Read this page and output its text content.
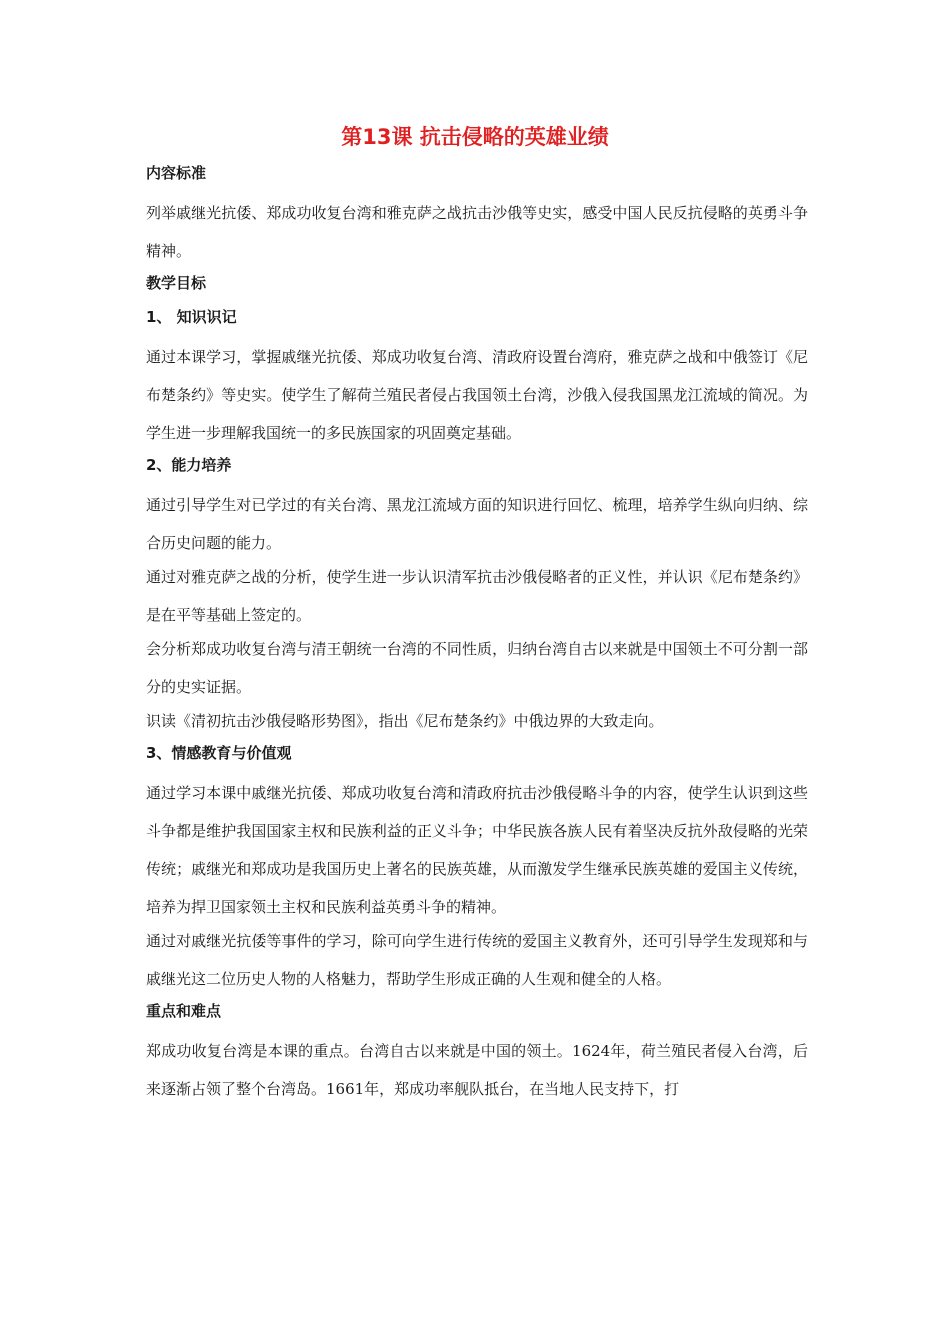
第13课 抗击侵略的英雄业绩
内容标准

列举戚继光抗倭、郑成功收复台湾和雅克萨之战抗击沙俄等史实，感受中国人民反抗侵略的英勇斗争精神。

教学目标
1、 知识识记

通过本课学习，掌握戚继光抗倭、郑成功收复台湾、清政府设置台湾府，雅克萨之战和中俄签订《尼布楚条约》等史实。使学生了解荷兰殖民者侵占我国领土台湾，沙俄入侵我国黑龙江流域的简况。为学生进一步理解我国统一的多民族国家的巩固奠定基础。

2、能力培养

通过引导学生对已学过的有关台湾、黑龙江流域方面的知识进行回忆、梳理，培养学生纵向归纳、综合历史问题的能力。

通过对雅克萨之战的分析，使学生进一步认识清军抗击沙俄侵略者的正义性，并认识《尼布楚条约》是在平等基础上签定的。

会分析郑成功收复台湾与清王朝统一台湾的不同性质，归纳台湾自古以来就是中国领土不可分割一部分的史实证据。

识读《清初抗击沙俄侵略形势图》，指出《尼布楚条约》中俄边界的大致走向。

3、情感教育与价值观

通过学习本课中戚继光抗倭、郑成功收复台湾和清政府抗击沙俄侵略斗争的内容，使学生认识到这些斗争都是维护我国国家主权和民族利益的正义斗争；中华民族各族人民有着坚决反抗外敌侵略的光荣传统；戚继光和郑成功是我国历史上著名的民族英雄，从而激发学生继承民族英雄的爱国主义传统，培养为捍卫国家领土主权和民族利益英勇斗争的精神。

通过对戚继光抗倭等事件的学习，除可向学生进行传统的爱国主义教育外，还可引导学生发现郑和与戚继光这二位历史人物的人格魅力，帮助学生形成正确的人生观和健全的人格。

重点和难点

郑成功收复台湾是本课的重点。台湾自古以来就是中国的领土。1624年，荷兰殖民者侵入台湾，后来逐渐占领了整个台湾岛。1661年，郑成功率舰队抵台，在当地人民支持下，打
